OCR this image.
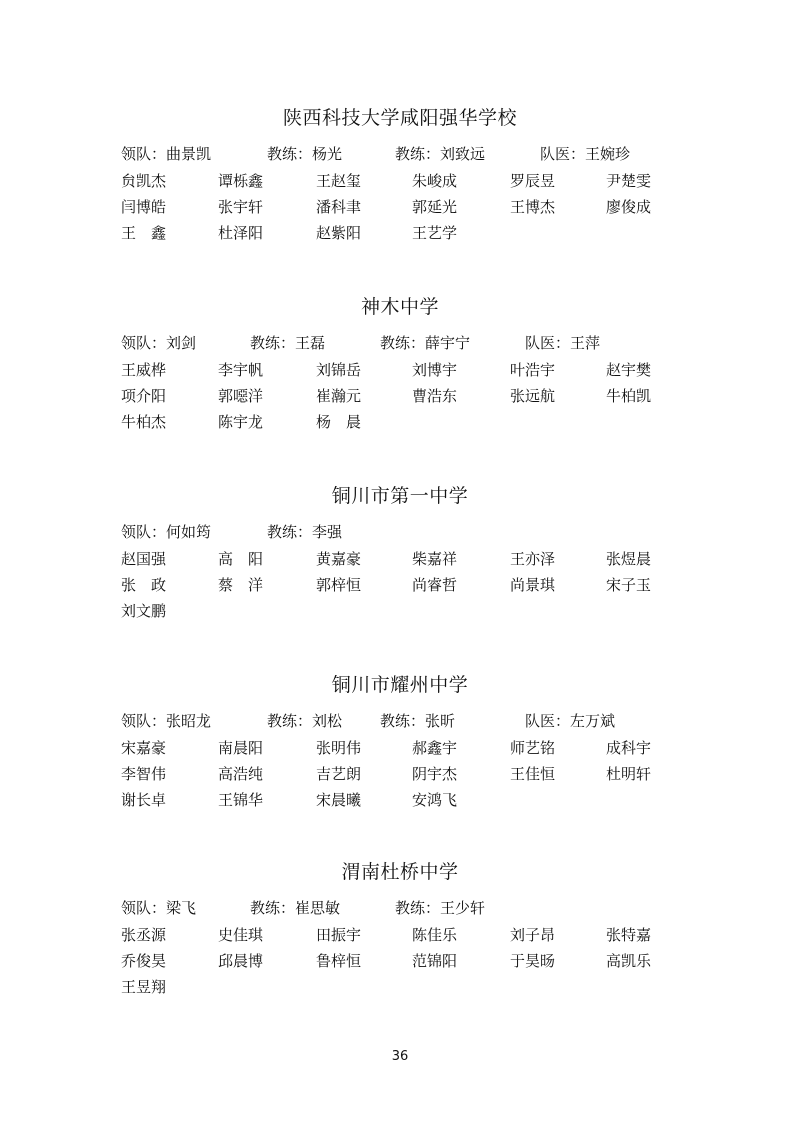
陕西科技大学咸阳强华学校
领队：曲景凯	教练：杨光	教练：刘致远	队医：王婉珍
贠凯杰	谭栎鑫	王赵玺	朱峻成	罗辰昱	尹楚雯
闫博皓	张宇轩	潘科聿	郭延光	王博杰	廖俊成
王　鑫	杜泽阳	赵紫阳	王艺学
神木中学
领队：刘剑	教练：王磊	教练：薛宇宁	队医：王萍
王威桦	李宇帆	刘锦岳	刘博宇	叶浩宇	赵宇樊
项介阳	郭噁洋	崔瀚元	曹浩东	张远航	牛柏凯
牛柏杰	陈宇龙	杨　晨
铜川市第一中学
领队：何如筠	教练：李强
赵国强	高　阳	黄嘉豪	柴嘉祥	王亦泽	张煜晨
张　政	蔡　洋	郭梓恒	尚睿哲	尚景琪	宋子玉
刘文鹏
铜川市耀州中学
领队：张昭龙	教练：刘松	教练：张昕	队医：左万斌
宋嘉豪	南晨阳	张明伟	郝鑫宇	师艺铭	成科宇
李智伟	高浩纯	吉艺朗	阴宇杰	王佳恒	杜明轩
谢长卓	王锦华	宋晨曦	安鸿飞
渭南杜桥中学
领队：梁飞	教练：崔思敏	教练：王少轩
张丞源	史佳琪	田振宇	陈佳乐	刘子昂	张特嘉
乔俊昊	邱晨博	鲁梓恒	范锦阳	于昊旸	高凯乐
王昱翔
36
